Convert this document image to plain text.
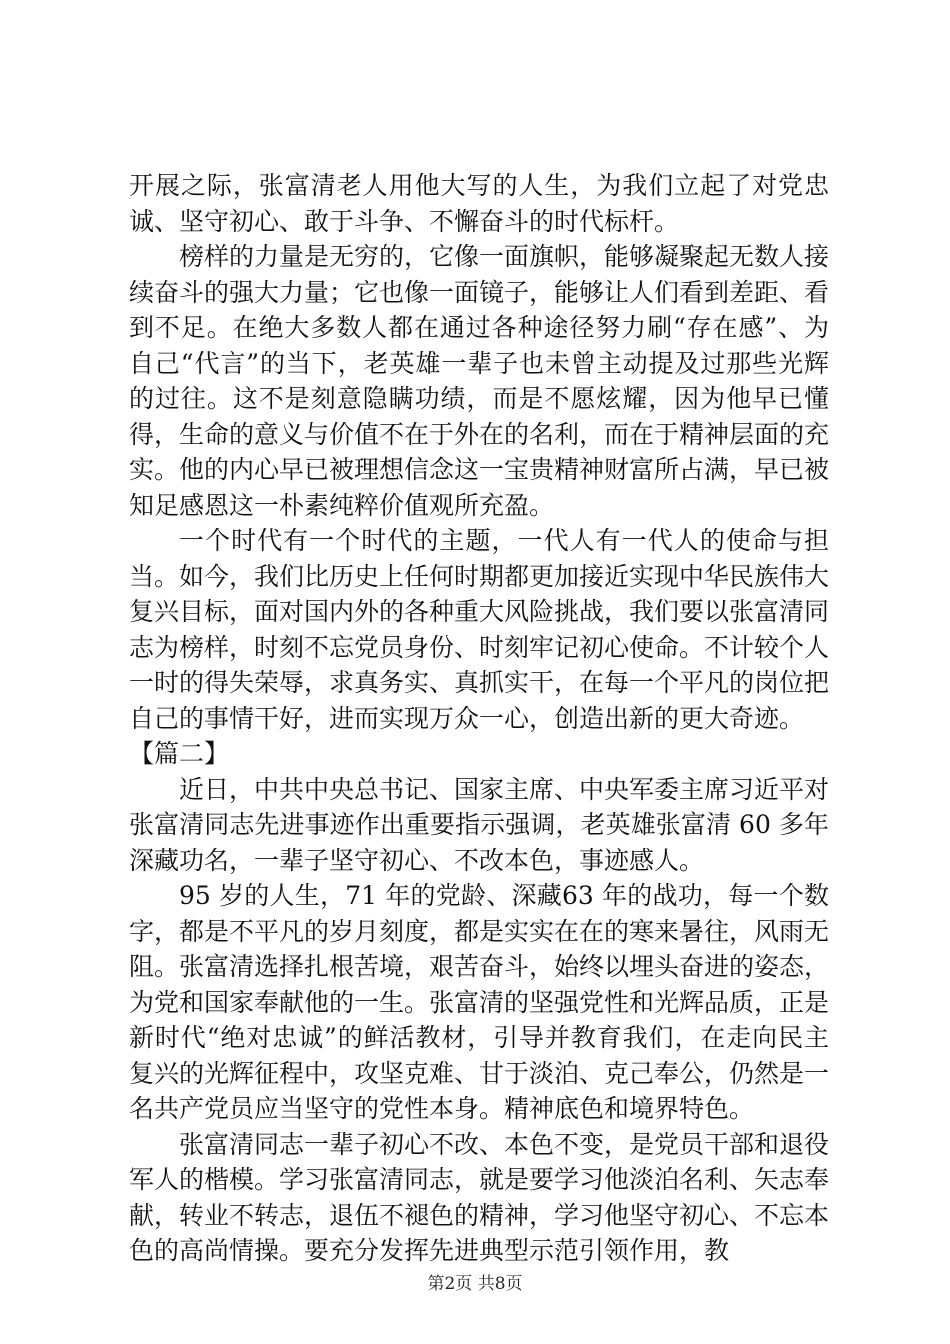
开展之际，张富清老人用他大写的人生，为我们立起了对党忠诚、坚守初心、敢于斗争、不懈奋斗的时代标杆。

榜样的力量是无穷的，它像一面旗帜，能够凝聚起无数人接续奋斗的强大力量；它也像一面镜子，能够让人们看到差距、看到不足。在绝大多数人都在通过各种途径努力刷“存在感”、为自己“代言”的当下，老英雄一辈子也未曾主动提及过那些光辉的过往。这不是刻意隐瞒功绩，而是不愿炫耀，因为他早已懂得，生命的意义与价值不在于外在的名利，而在于精神层面的充实。他的内心早已被理想信念这一宝贵精神财富所占满，早已被知足感恩这一朴素纯粹价值观所充盈。

一个时代有一个时代的主题，一代人有一代人的使命与担当。如今，我们比历史上任何时期都更加接近实现中华民族伟大复兴目标，面对国内外的各种重大风险挑战，我们要以张富清同志为榜样，时刻不忘党员身份、时刻牢记初心使命。不计较个人一时的得失荣辱，求真务实、真抓实干，在每一个平凡的岗位把自己的事情干好，进而实现万众一心，创造出新的更大奇迹。

【篇二】

近日，中共中央总书记、国家主席、中央军委主席习近平对张富清同志先进事迹作出重要指示强调，老英雄张富清 60 多年深藏功名，一辈子坚守初心、不改本色，事迹感人。

95 岁的人生，71 年的党龄、深藏63 年的战功，每一个数字，都是不平凡的岁月刻度，都是实实在在的寒来暑往，风雨无阻。张富清选择扎根苦境，艰苦奋斗，始终以埋头奋进的姿态，为党和国家奉献他的一生。张富清的坚强党性和光辉品质，正是新时代“绝对忠诚”的鲜活教材，引导并教育我们，在走向民主复兴的光辉征程中，攻坚克难、甘于淡泊、克己奉公，仍然是一名共产党员应当坚守的党性本身。精神底色和境界特色。

张富清同志一辈子初心不改、本色不变，是党员干部和退役军人的楷模。学习张富清同志，就是要学习他淡泊名利、矢志奉献，转业不转志，退伍不褪色的精神，学习他坚守初心、不忘本色的高尚情操。要充分发挥先进典型示范引领作用，教

第2页 共8页
